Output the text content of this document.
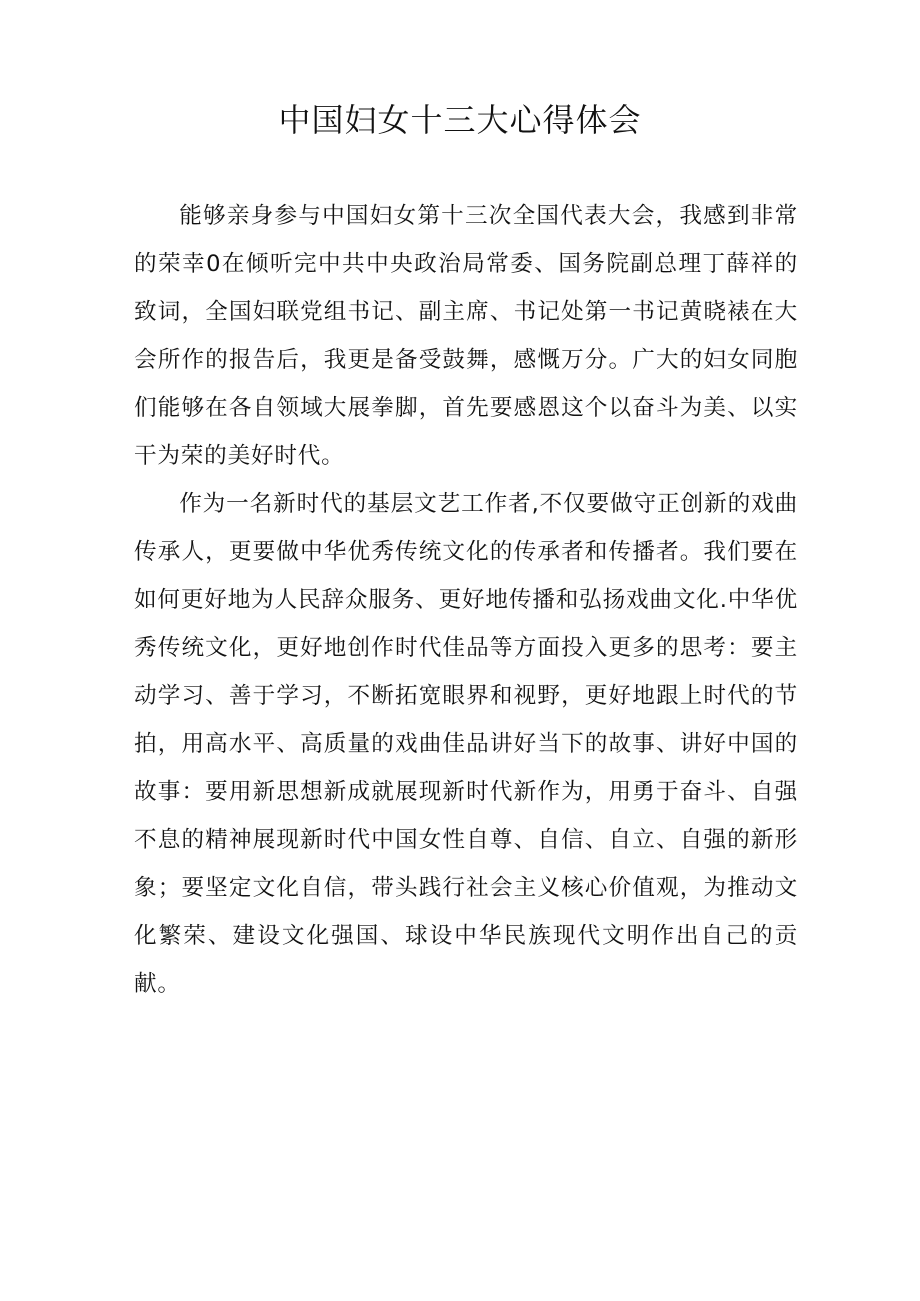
中国妇女十三大心得体会

能够亲身参与中国妇女第十三次全国代表大会，我感到非常的荣幸0在倾听完中共中央政治局常委、国务院副总理丁薛祥的致词，全国妇联党组书记、副主席、书记处第一书记黄晓裱在大会所作的报告后，我更是备受鼓舞，感慨万分。广大的妇女同胞们能够在各自领域大展拳脚，首先要感恩这个以奋斗为美、以实干为荣的美好时代。

作为一名新时代的基层文艺工作者,不仅要做守正创新的戏曲传承人，更要做中华优秀传统文化的传承者和传播者。我们要在如何更好地为人民辞众服务、更好地传播和弘扬戏曲文化.中华优秀传统文化，更好地创作时代佳品等方面投入更多的思考：要主动学习、善于学习，不断拓宽眼界和视野，更好地跟上时代的节拍，用高水平、高质量的戏曲佳品讲好当下的故事、讲好中国的故事：要用新思想新成就展现新时代新作为，用勇于奋斗、自强不息的精神展现新时代中国女性自尊、自信、自立、自强的新形象；要坚定文化自信，带头践行社会主义核心价值观，为推动文化繁荣、建设文化强国、球设中华民族现代文明作出自己的贡献。
